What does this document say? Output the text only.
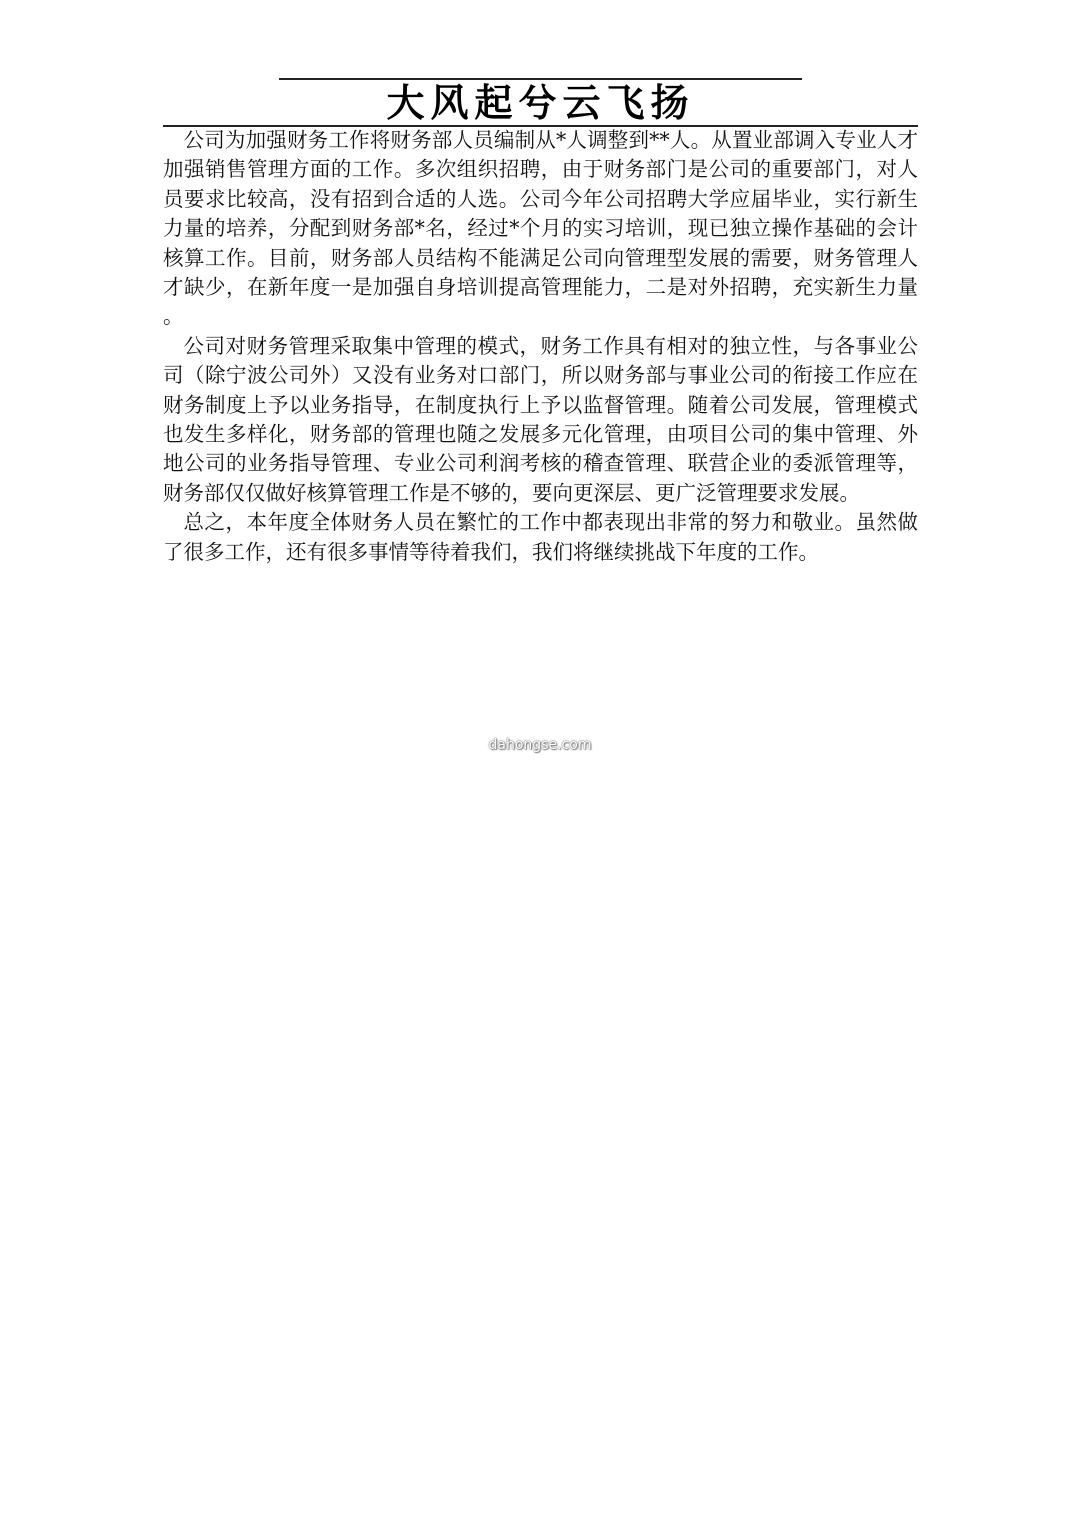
大风起兮云飞扬

公司为加强财务工作将财务部人员编制从*人调整到**人。从置业部调入专业人才加强销售管理方面的工作。多次组织招聘，由于财务部门是公司的重要部门，对人员要求比较高，没有招到合适的人选。公司今年公司招聘大学应届毕业，实行新生力量的培养，分配到财务部*名，经过*个月的实习培训，现已独立操作基础的会计核算工作。目前，财务部人员结构不能满足公司向管理型发展的需要，财务管理人才缺少，在新年度一是加强自身培训提高管理能力，二是对外招聘，充实新生力量。

公司对财务管理采取集中管理的模式，财务工作具有相对的独立性，与各事业公司（除宁波公司外）又没有业务对口部门，所以财务部与事业公司的衔接工作应在财务制度上予以业务指导，在制度执行上予以监督管理。随着公司发展，管理模式也发生多样化，财务部的管理也随之发展多元化管理，由项目公司的集中管理、外地公司的业务指导管理、专业公司利润考核的稽查管理、联营企业的委派管理等，财务部仅仅做好核算管理工作是不够的，要向更深层、更广泛管理要求发展。

总之，本年度全体财务人员在繁忙的工作中都表现出非常的努力和敬业。虽然做了很多工作，还有很多事情等待着我们，我们将继续挑战下年度的工作。

dahongse.com
